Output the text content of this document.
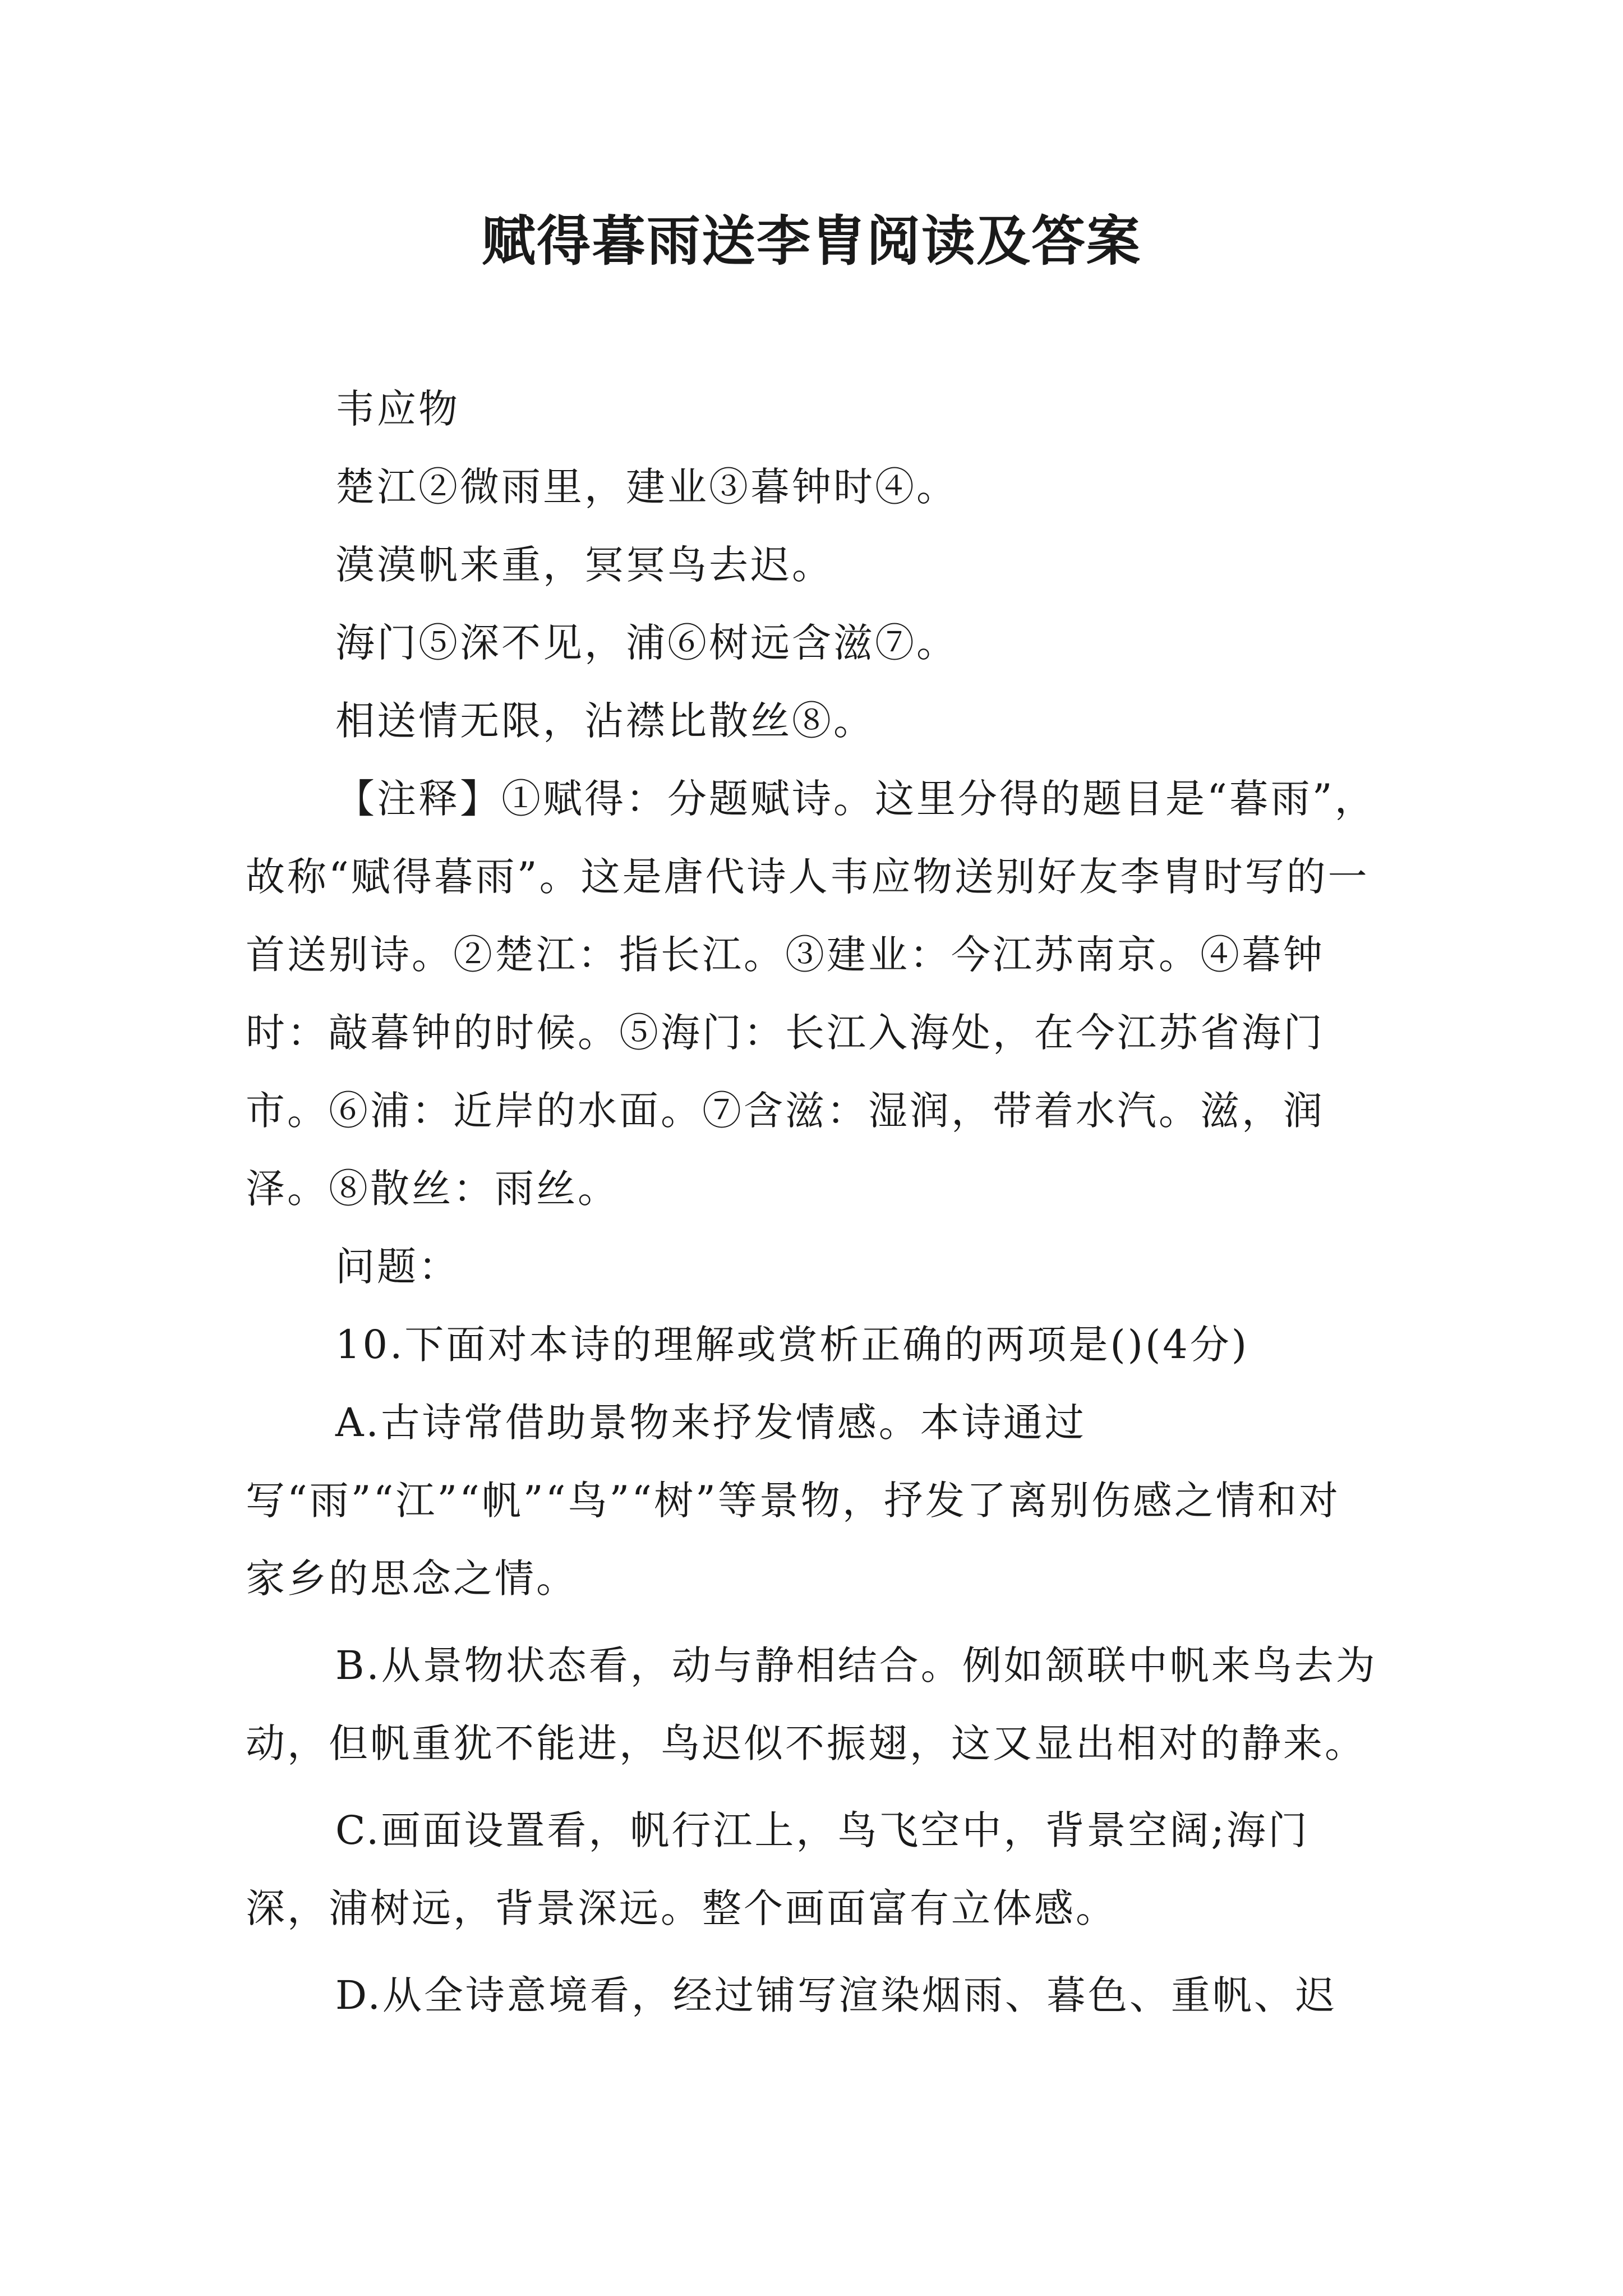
赋得暮雨送李胄阅读及答案

韦应物

楚江②微雨里，建业③暮钟时④。

漠漠帆来重，冥冥鸟去迟。

海门⑤深不见，浦⑥树远含滋⑦。

相送情无限，沾襟比散丝⑧。

【注释】①赋得：分题赋诗。这里分得的题目是“暮雨”，故称“赋得暮雨”。这是唐代诗人韦应物送别好友李胄时写的一首送别诗。②楚江：指长江。③建业：今江苏南京。④暮钟时：敲暮钟的时候。⑤海门：长江入海处，在今江苏省海门市。⑥浦：近岸的水面。⑦含滋：湿润，带着水汽。滋，润泽。⑧散丝：雨丝。

问题：

10.下面对本诗的理解或赏析正确的两项是()(4分)

A.古诗常借助景物来抒发情感。本诗通过写“雨”“江”“帆”“鸟”“树”等景物，抒发了离别伤感之情和对家乡的思念之情。

B.从景物状态看，动与静相结合。例如颔联中帆来鸟去为动，但帆重犹不能进，鸟迟似不振翅，这又显出相对的静来。

C.画面设置看，帆行江上，鸟飞空中，背景空阔;海门深，浦树远，背景深远。整个画面富有立体感。

D.从全诗意境看，经过铺写渲染烟雨、暮色、重帆、迟
